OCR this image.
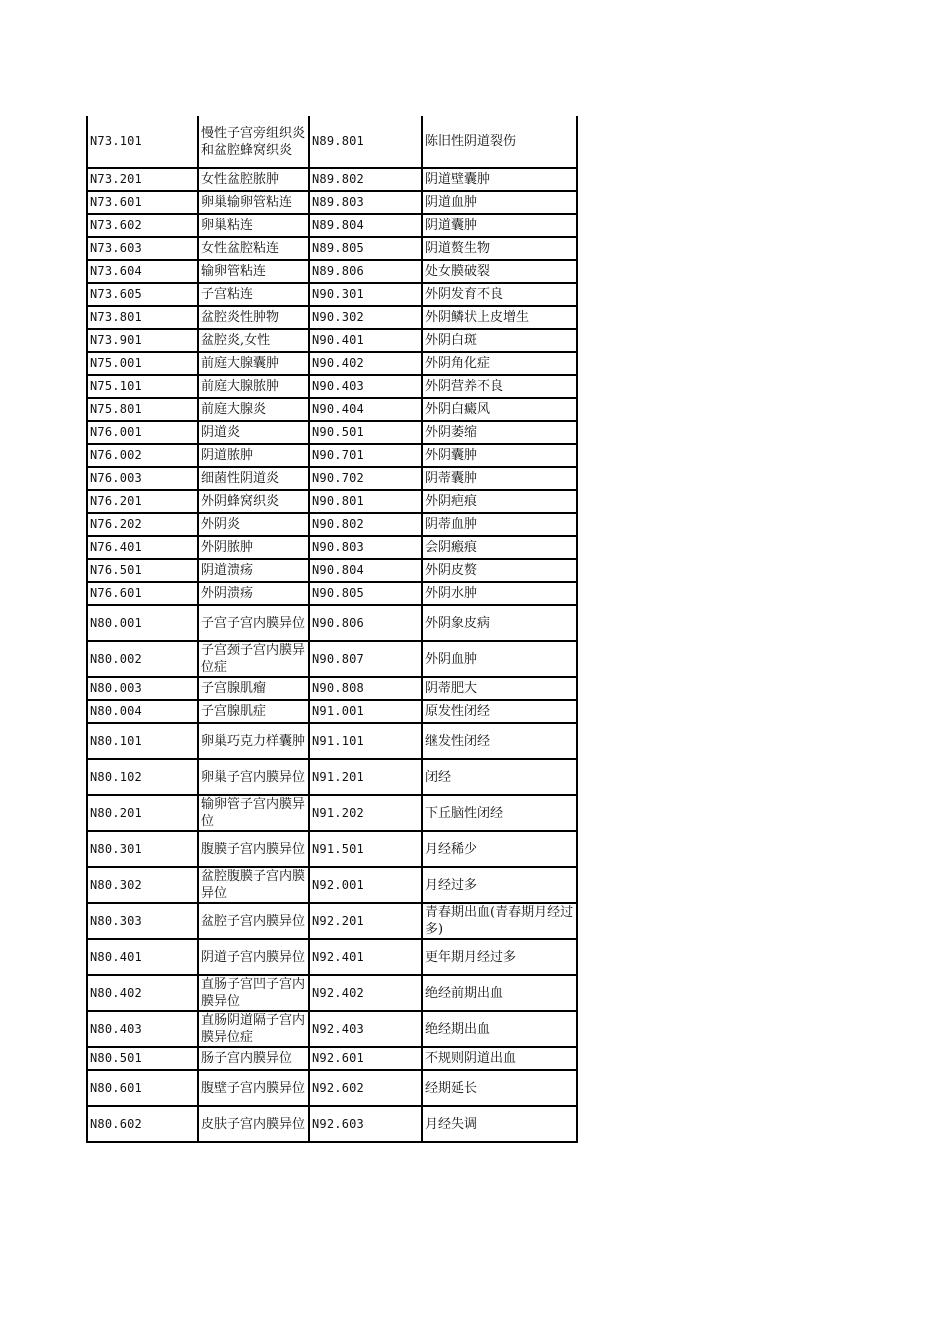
N73.101	慢性子宫旁组织炎和盆腔蜂窝织炎	N89.801	陈旧性阴道裂伤
N73.201	女性盆腔脓肿	N89.802	阴道壁囊肿
N73.601	卵巢输卵管粘连	N89.803	阴道血肿
N73.602	卵巢粘连	N89.804	阴道囊肿
N73.603	女性盆腔粘连	N89.805	阴道赘生物
N73.604	输卵管粘连	N89.806	处女膜破裂
N73.605	子宫粘连	N90.301	外阴发育不良
N73.801	盆腔炎性肿物	N90.302	外阴鳞状上皮增生
N73.901	盆腔炎,女性	N90.401	外阴白斑
N75.001	前庭大腺囊肿	N90.402	外阴角化症
N75.101	前庭大腺脓肿	N90.403	外阴营养不良
N75.801	前庭大腺炎	N90.404	外阴白癜风
N76.001	阴道炎	N90.501	外阴萎缩
N76.002	阴道脓肿	N90.701	外阴囊肿
N76.003	细菌性阴道炎	N90.702	阴蒂囊肿
N76.201	外阴蜂窝织炎	N90.801	外阴疤痕
N76.202	外阴炎	N90.802	阴蒂血肿
N76.401	外阴脓肿	N90.803	会阴瘢痕
N76.501	阴道溃疡	N90.804	外阴皮赘
N76.601	外阴溃疡	N90.805	外阴水肿
N80.001	子宫子宫内膜异位	N90.806	外阴象皮病
N80.002	子宫颈子宫内膜异位症	N90.807	外阴血肿
N80.003	子宫腺肌瘤	N90.808	阴蒂肥大
N80.004	子宫腺肌症	N91.001	原发性闭经
N80.101	卵巢巧克力样囊肿	N91.101	继发性闭经
N80.102	卵巢子宫内膜异位	N91.201	闭经
N80.201	输卵管子宫内膜异位	N91.202	下丘脑性闭经
N80.301	腹膜子宫内膜异位	N91.501	月经稀少
N80.302	盆腔腹膜子宫内膜异位	N92.001	月经过多
N80.303	盆腔子宫内膜异位	N92.201	青春期出血(青春期月经过多)
N80.401	阴道子宫内膜异位	N92.401	更年期月经过多
N80.402	直肠子宫凹子宫内膜异位	N92.402	绝经前期出血
N80.403	直肠阴道隔子宫内膜异位症	N92.403	绝经期出血
N80.501	肠子宫内膜异位	N92.601	不规则阴道出血
N80.601	腹壁子宫内膜异位	N92.602	经期延长
N80.602	皮肤子宫内膜异位	N92.603	月经失调
